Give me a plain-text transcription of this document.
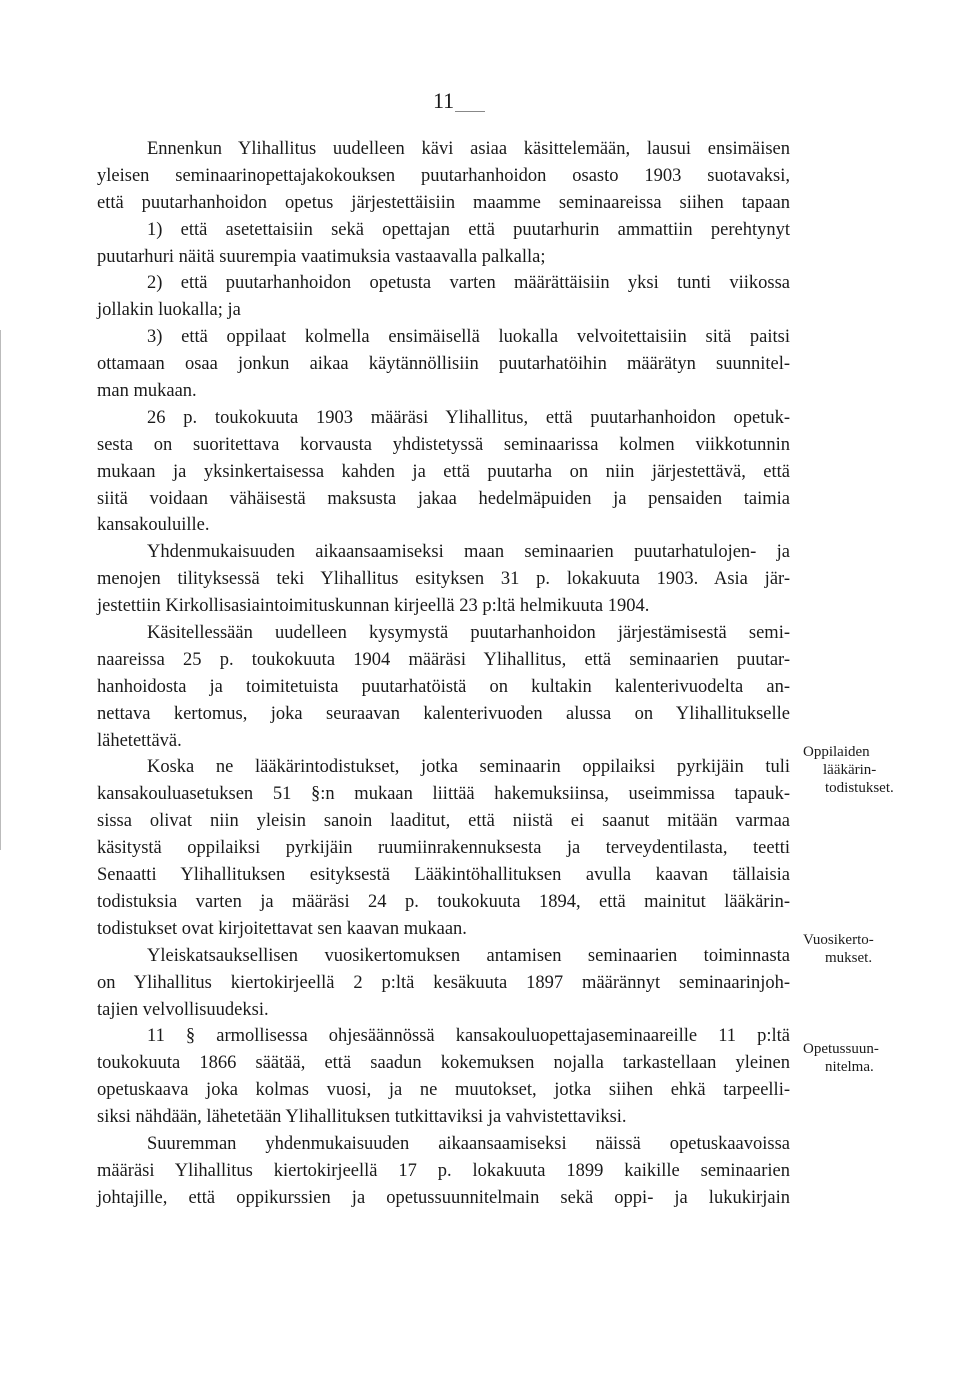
11
Ennenkun Ylihallitus uudelleen kävi asiaa käsittelemään, lausui ensimäisen
yleisen seminaarinopettajakokouksen puutarhanhoidon osasto 1903 suotavaksi,
että puutarhanhoidon opetus järjestettäisiin maamme seminaareissa siihen tapaan
1) että asetettaisiin sekä opettajan että puutarhurin ammattiin perehtynyt
puutarhuri näitä suurempia vaatimuksia vastaavalla palkalla;
2) että puutarhanhoidon opetusta varten määrättäisiin yksi tunti viikossa
jollakin luokalla; ja
3) että oppilaat kolmella ensimäisellä luokalla velvoitettaisiin sitä paitsi
ottamaan osaa jonkun aikaa käytännöllisiin puutarhatöihin määrätyn suunnitel-
man mukaan.
26 p. toukokuuta 1903 määräsi Ylihallitus, että puutarhanhoidon opetuk-
sesta on suoritettava korvausta yhdistetyssä seminaarissa kolmen viikkotunnin
mukaan ja yksinkertaisessa kahden ja että puutarha on niin järjestettävä, että
siitä voidaan vähäisestä maksusta jakaa hedelmäpuiden ja pensaiden taimia
kansakouluille.
Yhdenmukaisuuden aikaansaamiseksi maan seminaarien puutarhatulojen- ja
menojen tilityksessä teki Ylihallitus esityksen 31 p. lokakuuta 1903. Asia jär-
jestettiin Kirkollisasiaintoimituskunnan kirjeellä 23 p:ltä helmikuuta 1904.
Käsitellessään uudelleen kysymystä puutarhanhoidon järjestämisestä semi-
naareissa 25 p. toukokuuta 1904 määräsi Ylihallitus, että seminaarien puutar-
hanhoidosta ja toimitetuista puutarhatöistä on kultakin kalenterivuodelta an-
nettava kertomus, joka seuraavan kalenterivuoden alussa on Ylihallitukselle
lähetettävä.
Koska ne lääkärintodistukset, jotka seminaarin oppilaiksi pyrkijäin tuli
kansakouluasetuksen 51 §:n mukaan liittää hakemuksiinsa, useimmissa tapauk-
sissa olivat niin yleisin sanoin laaditut, että niistä ei saanut mitään varmaa
käsitystä oppilaiksi pyrkijäin ruumiinrakennuksesta ja terveydentilasta, teetti
Senaatti Ylihallituksen esityksestä Lääkintöhallituksen avulla kaavan tällaisia
todistuksia varten ja määräsi 24 p. toukokuuta 1894, että mainitut lääkärin-
todistukset ovat kirjoitettavat sen kaavan mukaan.
Yleiskatsauksellisen vuosikertomuksen antamisen seminaarien toiminnasta
on Ylihallitus kiertokirjeellä 2 p:ltä kesäkuuta 1897 määrännyt seminaarinjoh-
tajien velvollisuudeksi.
11 § armollisessa ohjesäännössä kansakouluopettajaseminaareille 11 p:ltä
toukokuuta 1866 säätää, että saadun kokemuksen nojalla tarkastellaan yleinen
opetuskaava joka kolmas vuosi, ja ne muutokset, jotka siihen ehkä tarpeelli-
siksi nähdään, lähetetään Ylihallituksen tutkittaviksi ja vahvistettaviksi.
Suuremman yhdenmukaisuuden aikaansaamiseksi näissä opetuskaavoissa
määräsi Ylihallitus kiertokirjeellä 17 p. lokakuuta 1899 kaikille seminaarien
johtajille, että oppikurssien ja opetussuunnitelmain sekä oppi- ja lukukirjain
Oppilaiden
lääkärin-
todistukset.
Vuosikerto-
mukset.
Opetussuun-
nitelma.
